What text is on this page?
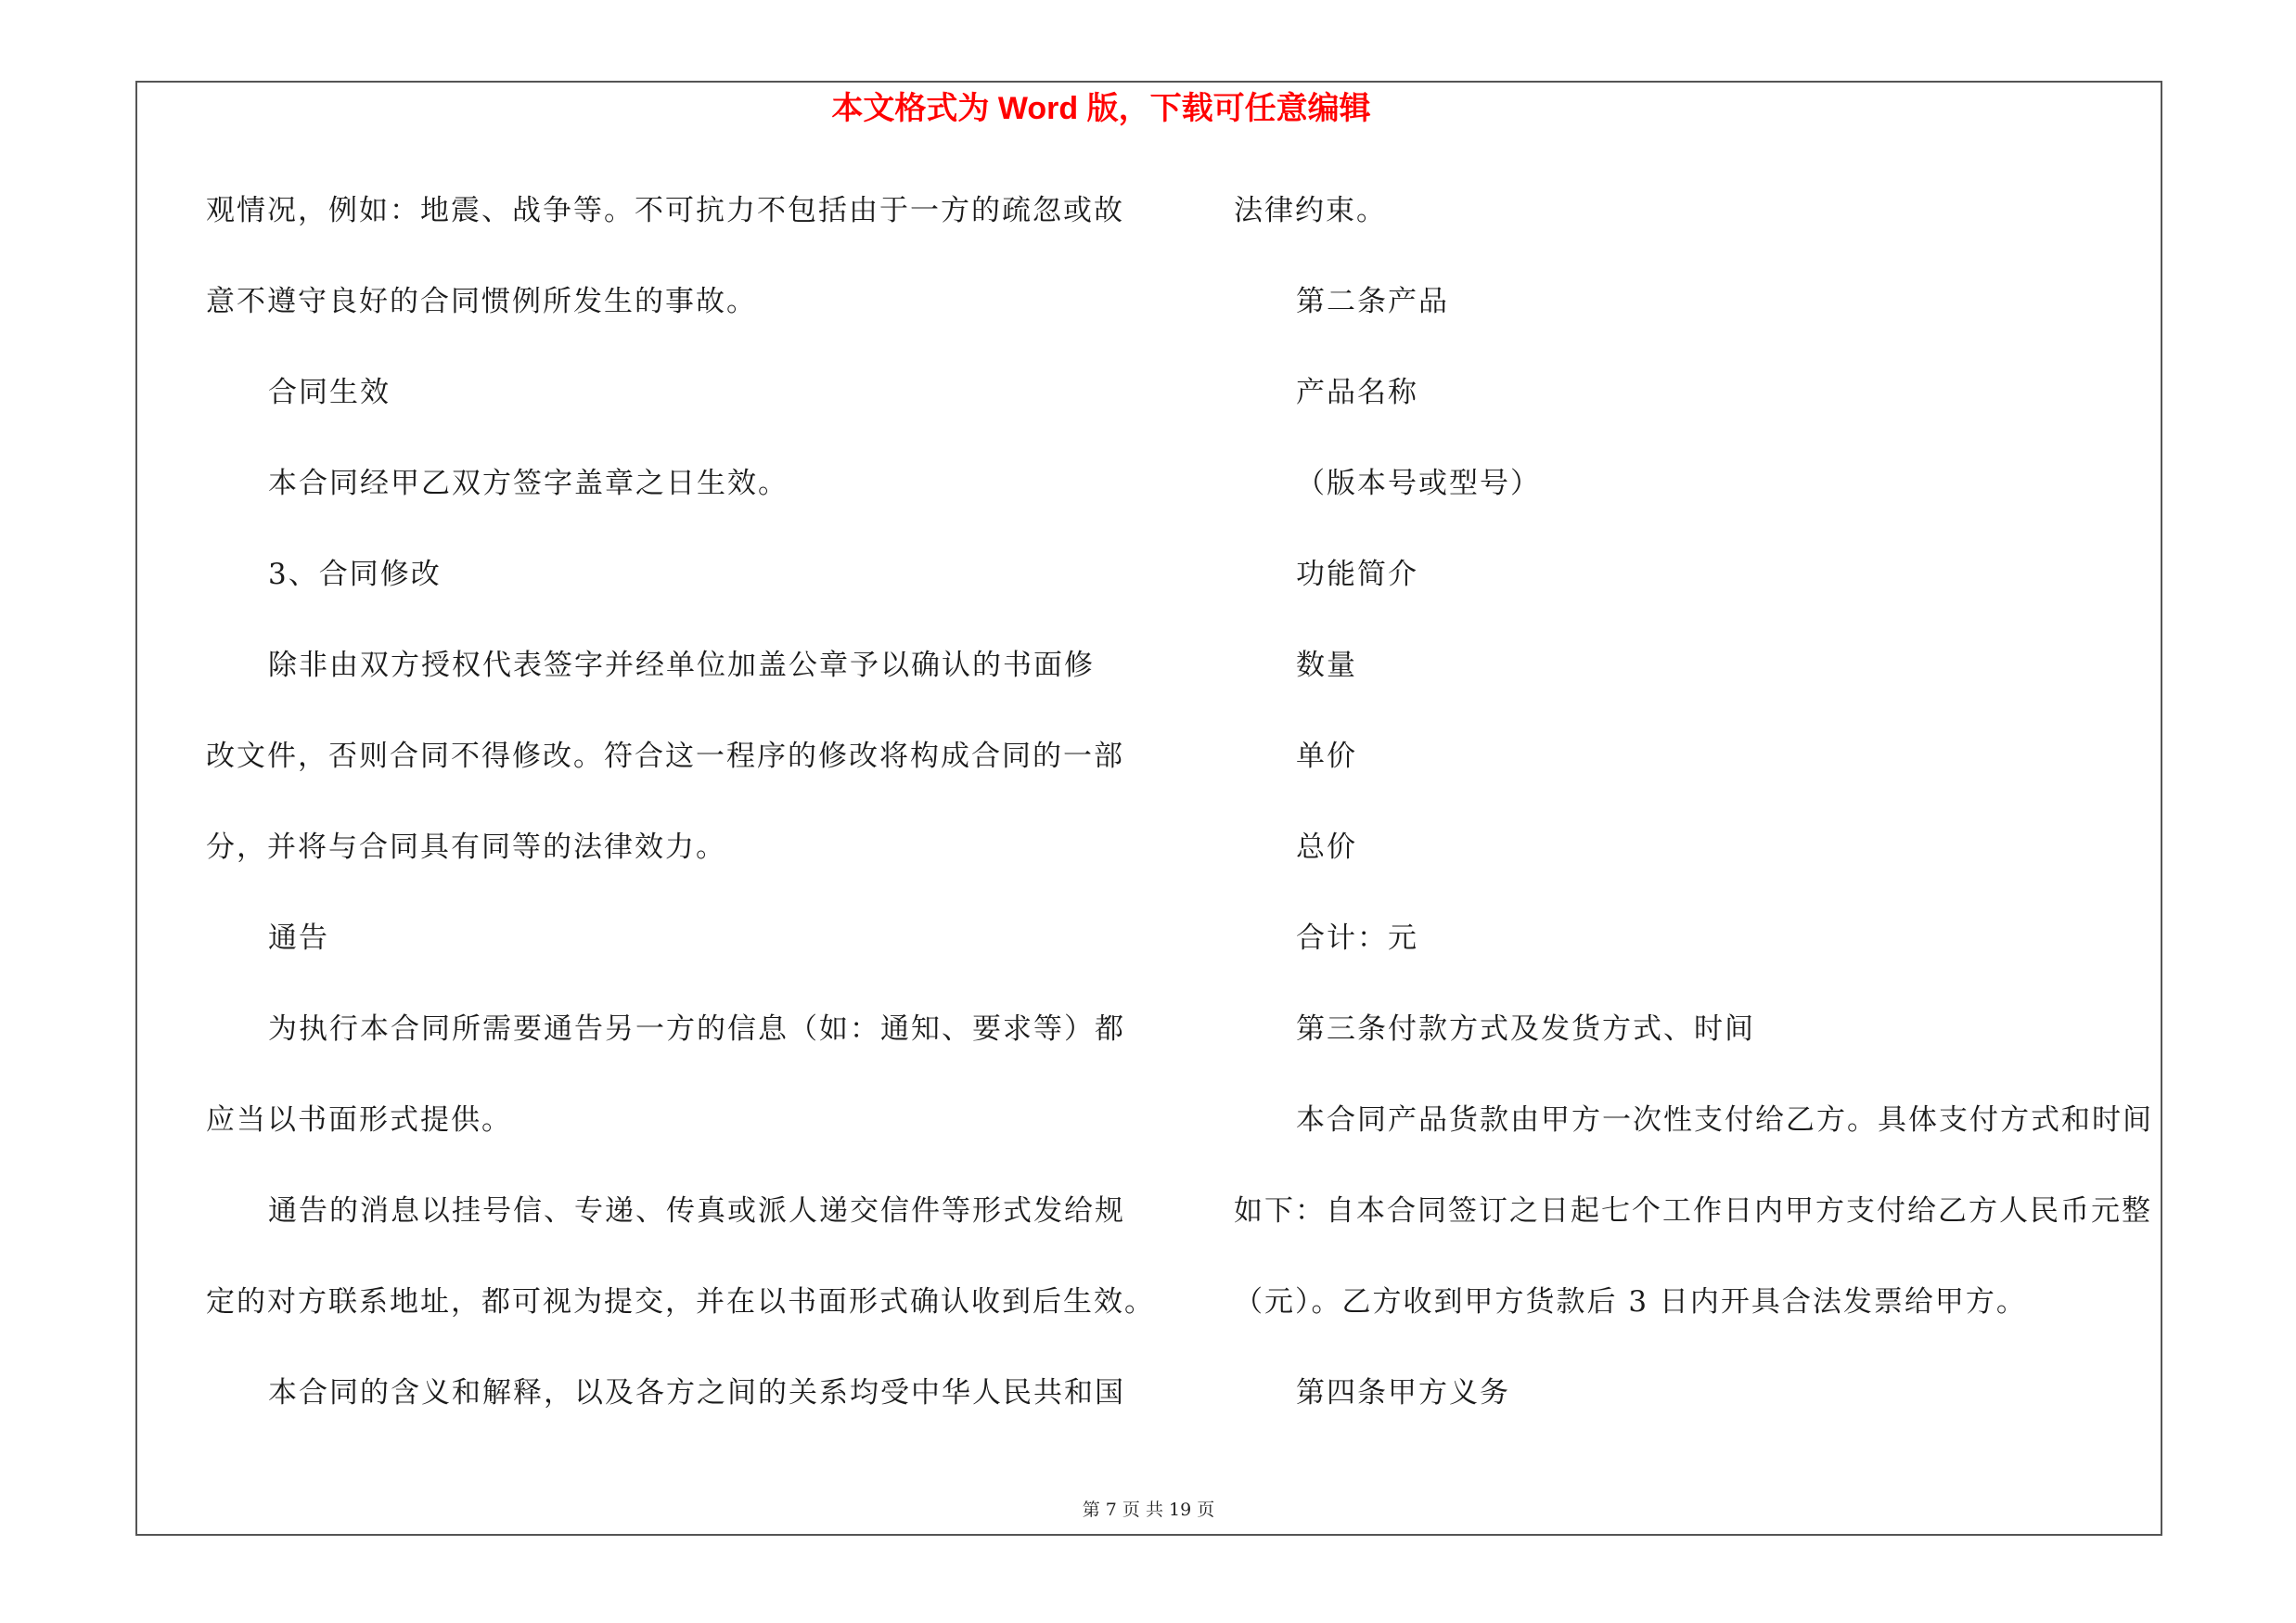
本文格式为 Word 版，下载可任意编辑
观情况，例如：地震、战争等。不可抗力不包括由于一方的疏忽或故
意不遵守良好的合同惯例所发生的事故。
合同生效
本合同经甲乙双方签字盖章之日生效。
3、合同修改
除非由双方授权代表签字并经单位加盖公章予以确认的书面修
改文件，否则合同不得修改。符合这一程序的修改将构成合同的一部
分，并将与合同具有同等的法律效力。
通告
为执行本合同所需要通告另一方的信息（如：通知、要求等）都
应当以书面形式提供。
通告的消息以挂号信、专递、传真或派人递交信件等形式发给规
定的对方联系地址，都可视为提交，并在以书面形式确认收到后生效。
本合同的含义和解释，以及各方之间的关系均受中华人民共和国
法律约束。
第二条产品
产品名称
（版本号或型号）
功能简介
数量
单价
总价
合计：元
第三条付款方式及发货方式、时间
本合同产品货款由甲方一次性支付给乙方。具体支付方式和时间
如下：自本合同签订之日起七个工作日内甲方支付给乙方人民币元整
（元）。乙方收到甲方货款后 3 日内开具合法发票给甲方。
第四条甲方义务
第 7 页 共 19 页
